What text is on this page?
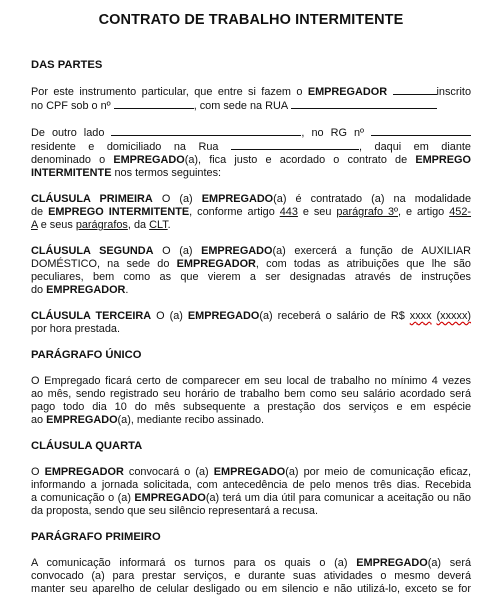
CONTRATO DE TRABALHO INTERMITENTE
DAS PARTES

Por este instrumento particular, que entre si fazem o EMPREGADOR	inscrito
no CPF sob o nº	, com sede na RUA

De outro lado	, no RG nº
residente e domiciliado na Rua	, daqui em diante
denominado o EMPREGADO(a), fica justo e acordado o contrato de EMPREGO
INTERMITENTE nos termos seguintes:

CLÁUSULA PRIMEIRA O (a) EMPREGADO(a) é contratado (a) na modalidade
de EMPREGO INTERMITENTE, conforme artigo 443 e seu parágrafo 3º, e artigo 452-
A e seus parágrafos, da CLT.

CLÁUSULA SEGUNDA O (a) EMPREGADO(a) exercerá a função de AUXILIAR
DOMÉSTICO, na sede do EMPREGADOR, com todas as atribuições que lhe são
peculiares, bem como as que vierem a ser designadas através de instruções
do EMPREGADOR.

CLÁUSULA TERCEIRA O (a) EMPREGADO(a) receberá o salário de R$ xxxx (xxxxx)
por hora prestada.

PARÁGRAFO ÚNICO

O Empregado ficará certo de comparecer em seu local de trabalho no mínimo 4 vezes
ao mês, sendo registrado seu horário de trabalho bem como seu salário acordado será
pago todo dia 10 do mês subsequente a prestação dos serviços e em espécie
ao EMPREGADO(a), mediante recibo assinado.

CLÁUSULA QUARTA

O EMPREGADOR convocará o (a) EMPREGADO(a) por meio de comunicação eficaz,
informando a jornada solicitada, com antecedência de pelo menos três dias. Recebida
a comunicação o (a) EMPREGADO(a) terá um dia útil para comunicar a aceitação ou não
da proposta, sendo que seu silêncio representará a recusa.

PARÁGRAFO PRIMEIRO

A comunicação informará os turnos para os quais o (a) EMPREGADO(a) será
convocado (a) para prestar serviços, e durante suas atividades o mesmo deverá
manter seu aparelho de celular desligado ou em silencio e não utilizá-lo, exceto se for
